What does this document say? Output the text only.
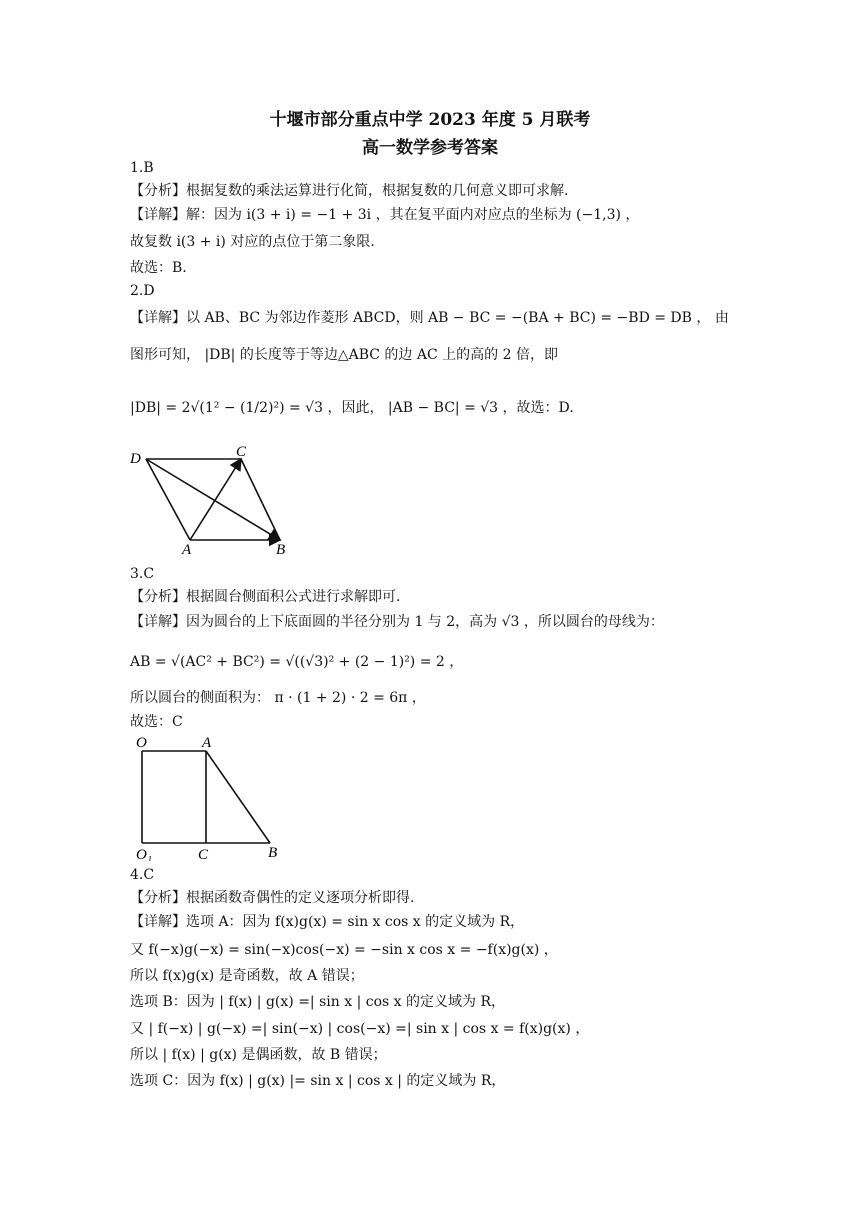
十堰市部分重点中学 2023 年度 5 月联考
高一数学参考答案
1.B
【分析】根据复数的乘法运算进行化简，根据复数的几何意义即可求解.
【详解】解：因为 i(3 + i) = −1 + 3i ，其在复平面内对应点的坐标为 (−1,3) ，
故复数 i(3 + i) 对应的点位于第二象限.
故选：B.
2.D
【详解】以 AB、BC 为邻边作菱形 ABCD，则 AB − BC = −(BA + BC) = −BD = DB ， 由
图形可知， |DB| 的长度等于等边△ABC 的边 AC 上的高的 2 倍，即
|DB| = 2√(1² − (1/2)²) = √3 ，因此， |AB − BC| = √3 ，故选：D.
D	C
A	B
3.C
【分析】根据圆台侧面积公式进行求解即可.
【详解】因为圆台的上下底面圆的半径分别为 1 与 2，高为 √3 ，所以圆台的母线为：
AB = √(AC² + BC²) = √((√3)² + (2 − 1)²) = 2 ，
所以圆台的侧面积为： π · (1 + 2) · 2 = 6π ，
故选：C
O	A
O₁	C	B
4.C
【分析】根据函数奇偶性的定义逐项分析即得.
【详解】选项 A：因为 f(x)g(x) = sin x cos x 的定义域为 R，
又 f(−x)g(−x) = sin(−x)cos(−x) = −sin x cos x = −f(x)g(x) ，
所以 f(x)g(x) 是奇函数，故 A 错误；
选项 B：因为 | f(x) | g(x) =| sin x | cos x 的定义域为 R，
又 | f(−x) | g(−x) =| sin(−x) | cos(−x) =| sin x | cos x = f(x)g(x) ，
所以 | f(x) | g(x) 是偶函数，故 B 错误；
选项 C：因为 f(x) | g(x) |= sin x | cos x | 的定义域为 R，
